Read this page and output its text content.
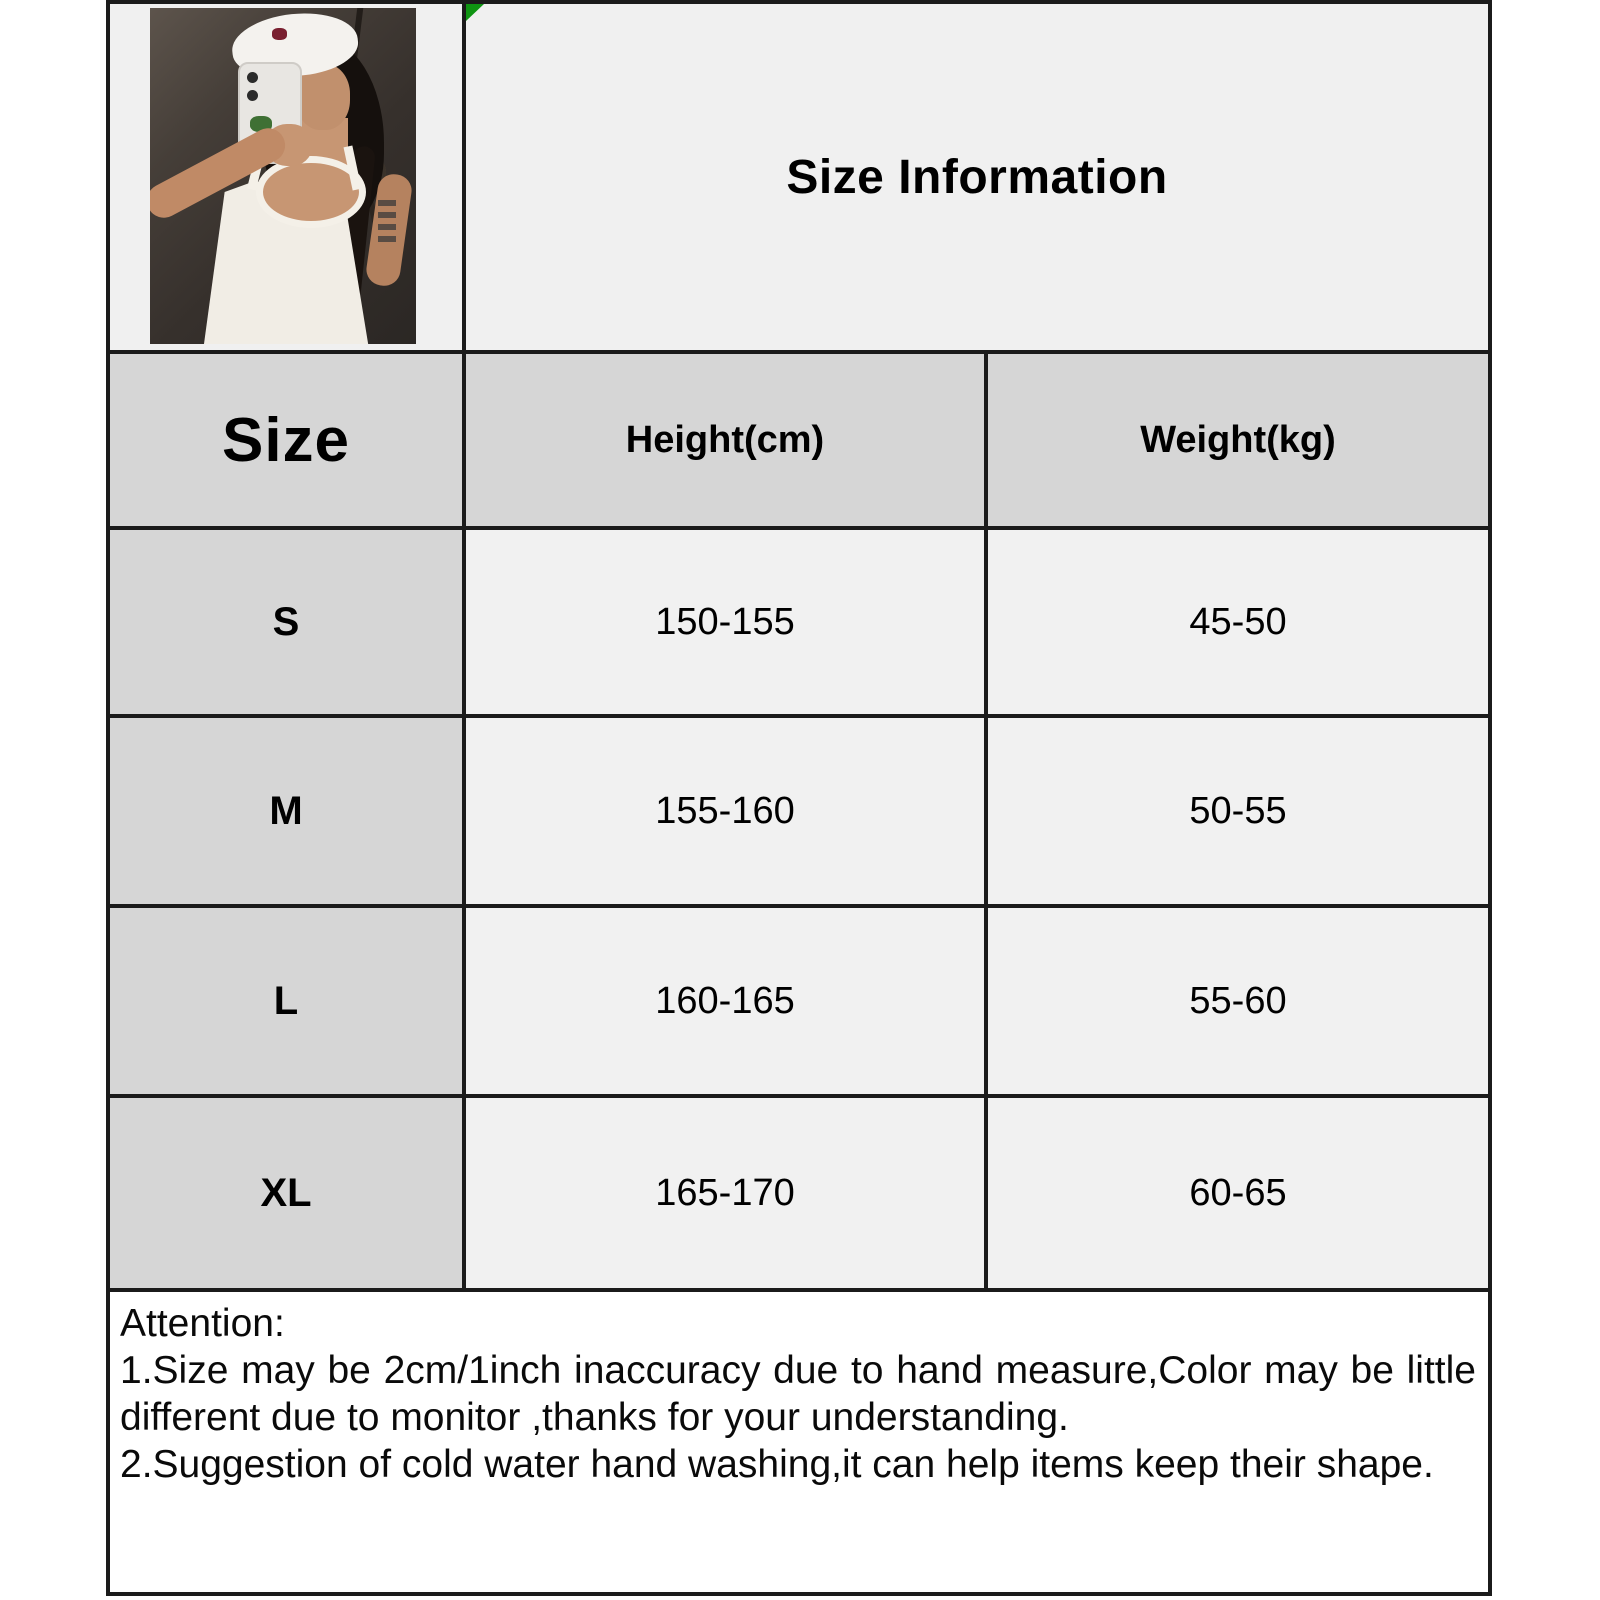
Size Information
Size	Height(cm)	Weight(kg)
S	150-155	45-50
M	155-160	50-55
L	160-165	55-60
XL	165-170	60-65

Attention:

1.Size may be 2cm/1inch inaccuracy due to hand measure,Color may be little different due to monitor ,thanks for your understanding.

2.Suggestion of cold water hand washing,it can help items keep their shape.
